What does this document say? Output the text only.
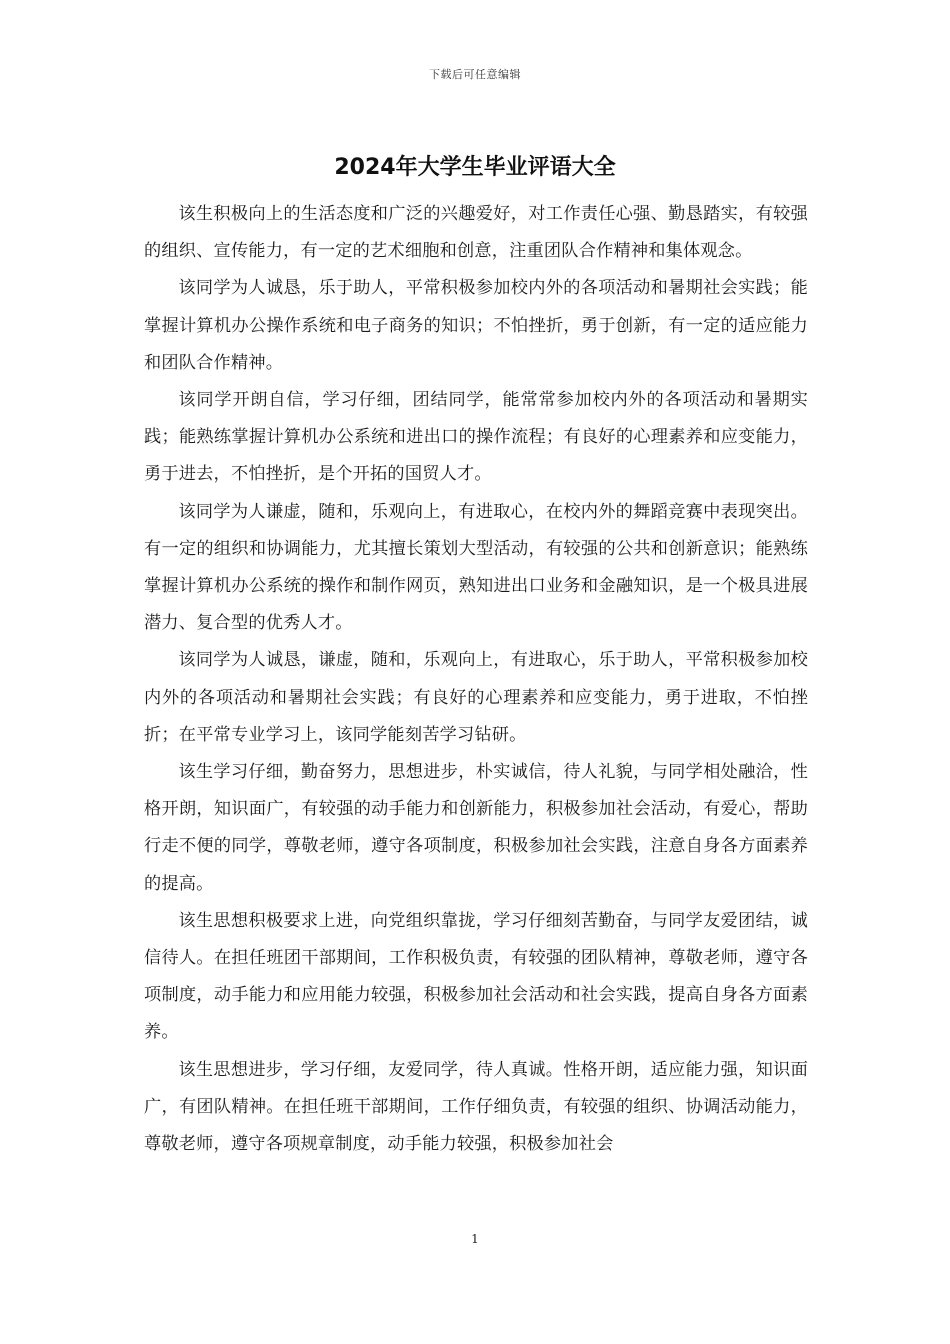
下载后可任意编辑
2024年大学生毕业评语大全

该生积极向上的生活态度和广泛的兴趣爱好，对工作责任心强、勤恳踏实，有较强的组织、宣传能力，有一定的艺术细胞和创意，注重团队合作精神和集体观念。

该同学为人诚恳，乐于助人，平常积极参加校内外的各项活动和暑期社会实践；能掌握计算机办公操作系统和电子商务的知识；不怕挫折，勇于创新，有一定的适应能力和团队合作精神。

该同学开朗自信，学习仔细，团结同学，能常常参加校内外的各项活动和暑期实践；能熟练掌握计算机办公系统和进出口的操作流程；有良好的心理素养和应变能力，勇于进去，不怕挫折，是个开拓的国贸人才。

该同学为人谦虚，随和，乐观向上，有进取心，在校内外的舞蹈竞赛中表现突出。有一定的组织和协调能力，尤其擅长策划大型活动，有较强的公共和创新意识；能熟练掌握计算机办公系统的操作和制作网页，熟知进出口业务和金融知识，是一个极具进展潜力、复合型的优秀人才。

该同学为人诚恳，谦虚，随和，乐观向上，有进取心，乐于助人，平常积极参加校内外的各项活动和暑期社会实践；有良好的心理素养和应变能力，勇于进取，不怕挫折；在平常专业学习上，该同学能刻苦学习钻研。

该生学习仔细，勤奋努力，思想进步，朴实诚信，待人礼貌，与同学相处融洽，性格开朗，知识面广，有较强的动手能力和创新能力，积极参加社会活动，有爱心，帮助行走不便的同学，尊敬老师，遵守各项制度，积极参加社会实践，注意自身各方面素养的提高。

该生思想积极要求上进，向党组织靠拢，学习仔细刻苦勤奋，与同学友爱团结，诚信待人。在担任班团干部期间，工作积极负责，有较强的团队精神，尊敬老师，遵守各项制度，动手能力和应用能力较强，积极参加社会活动和社会实践，提高自身各方面素养。

该生思想进步，学习仔细，友爱同学，待人真诚。性格开朗，适应能力强，知识面广，有团队精神。在担任班干部期间，工作仔细负责，有较强的组织、协调活动能力，尊敬老师，遵守各项规章制度，动手能力较强，积极参加社会

1
